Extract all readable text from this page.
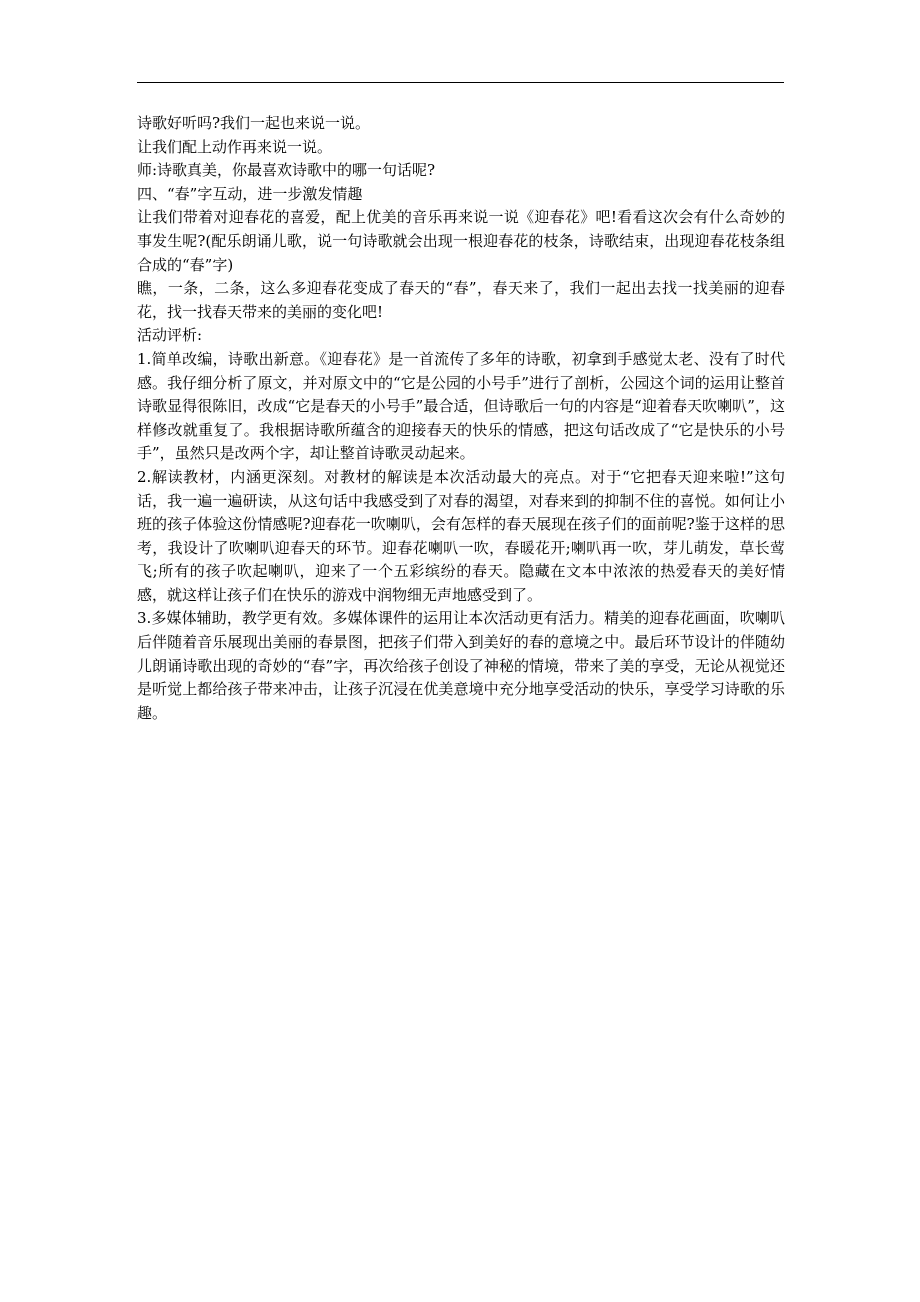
诗歌好听吗?我们一起也来说一说。

让我们配上动作再来说一说。

师:诗歌真美，你最喜欢诗歌中的哪一句话呢?

四、“春”字互动，进一步激发情趣

让我们带着对迎春花的喜爱，配上优美的音乐再来说一说《迎春花》吧!看看这次会有什么奇妙的事发生呢?(配乐朗诵儿歌，说一句诗歌就会出现一根迎春花的枝条，诗歌结束，出现迎春花枝条组合成的“春”字)

瞧，一条，二条，这么多迎春花变成了春天的“春”，春天来了，我们一起出去找一找美丽的迎春花，找一找春天带来的美丽的变化吧!

活动评析:

1.简单改编，诗歌出新意。《迎春花》是一首流传了多年的诗歌，初拿到手感觉太老、没有了时代感。我仔细分析了原文，并对原文中的“它是公园的小号手”进行了剖析，公园这个词的运用让整首诗歌显得很陈旧，改成“它是春天的小号手”最合适，但诗歌后一句的内容是“迎着春天吹喇叭”，这样修改就重复了。我根据诗歌所蕴含的迎接春天的快乐的情感，把这句话改成了“它是快乐的小号手”，虽然只是改两个字，却让整首诗歌灵动起来。

2.解读教材，内涵更深刻。对教材的解读是本次活动最大的亮点。对于“它把春天迎来啦!”这句话，我一遍一遍研读，从这句话中我感受到了对春的渴望，对春来到的抑制不住的喜悦。如何让小班的孩子体验这份情感呢?迎春花一吹喇叭，会有怎样的春天展现在孩子们的面前呢?鉴于这样的思考，我设计了吹喇叭迎春天的环节。迎春花喇叭一吹，春暖花开;喇叭再一吹，芽儿萌发，草长莺飞;所有的孩子吹起喇叭，迎来了一个五彩缤纷的春天。隐藏在文本中浓浓的热爱春天的美好情感，就这样让孩子们在快乐的游戏中润物细无声地感受到了。

3.多媒体辅助，教学更有效。多媒体课件的运用让本次活动更有活力。精美的迎春花画面，吹喇叭后伴随着音乐展现出美丽的春景图，把孩子们带入到美好的春的意境之中。最后环节设计的伴随幼儿朗诵诗歌出现的奇妙的“春”字，再次给孩子创设了神秘的情境，带来了美的享受，无论从视觉还是听觉上都给孩子带来冲击，让孩子沉浸在优美意境中充分地享受活动的快乐，享受学习诗歌的乐趣。
